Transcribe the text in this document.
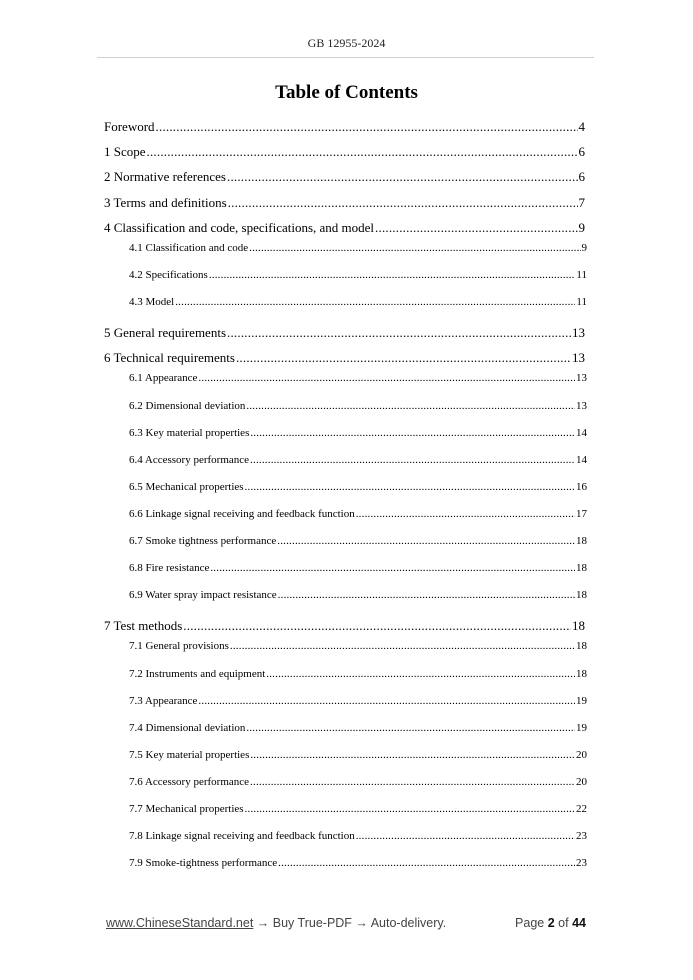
GB 12955-2024
Table of Contents
Foreword .....	4
1 Scope .....	6
2 Normative references .....	6
3 Terms and definitions .....	7
4 Classification and code, specifications, and model .....	9
4.1 Classification and code .....	9
4.2 Specifications .....	11
4.3 Model .....	11
5 General requirements .....	13
6 Technical requirements .....	13
6.1 Appearance .....	13
6.2 Dimensional deviation .....	13
6.3 Key material properties .....	14
6.4 Accessory performance .....	14
6.5 Mechanical properties .....	16
6.6 Linkage signal receiving and feedback function .....	17
6.7 Smoke tightness performance .....	18
6.8 Fire resistance .....	18
6.9 Water spray impact resistance .....	18
7 Test methods .....	18
7.1 General provisions .....	18
7.2 Instruments and equipment .....	18
7.3 Appearance .....	19
7.4 Dimensional deviation .....	19
7.5 Key material properties .....	20
7.6 Accessory performance .....	20
7.7 Mechanical properties .....	22
7.8 Linkage signal receiving and feedback function .....	23
7.9 Smoke-tightness performance .....	23
www.ChineseStandard.net → Buy True-PDF → Auto-delivery.	Page 2 of 44
